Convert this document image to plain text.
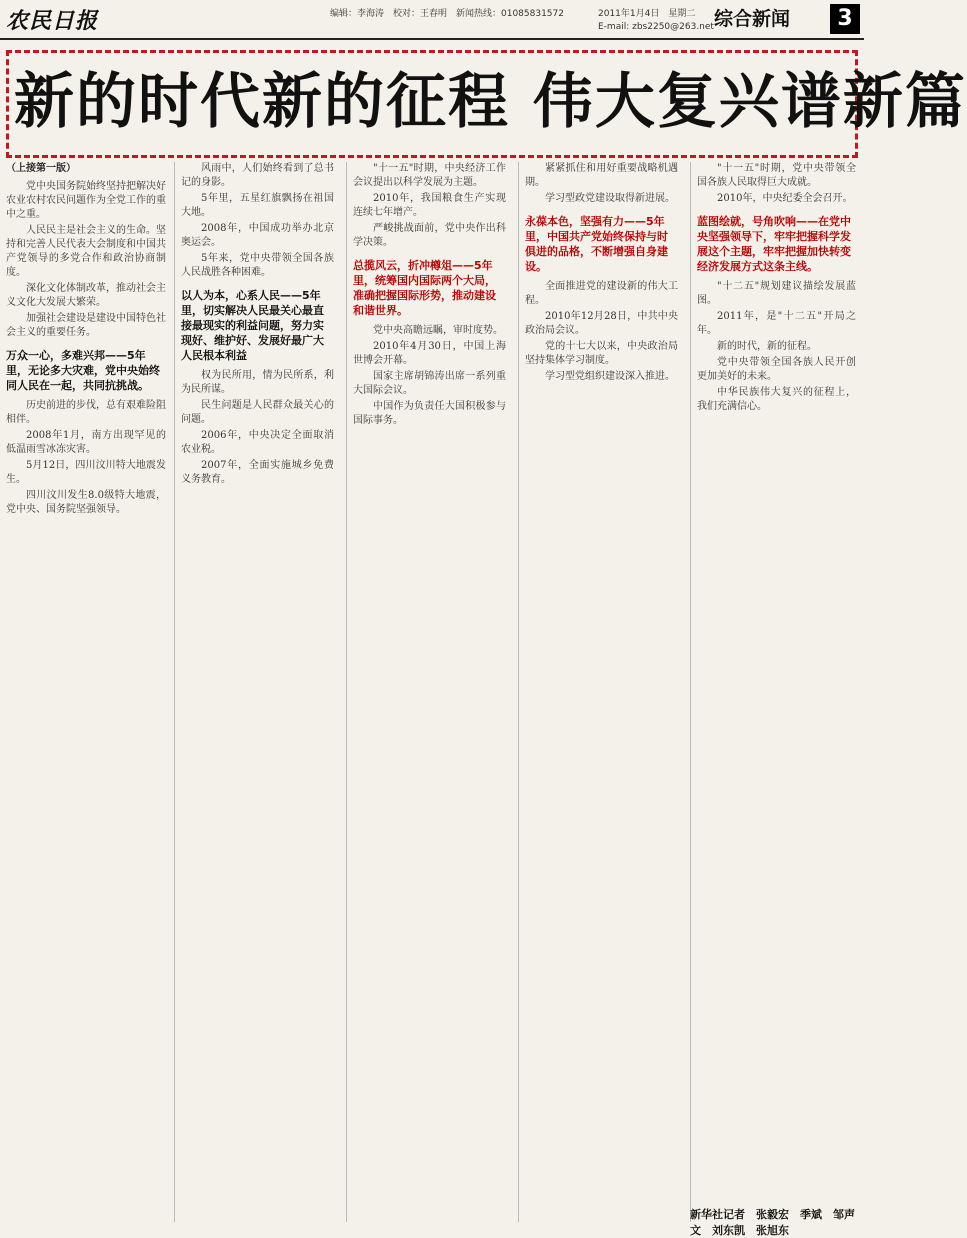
农民日报	编辑：李海涛　校对：王春明　新闻热线：01085831572	2011年1月4日　星期二
E-mail: zbs2250@263.net 综合新闻	3
新的时代新的征程 伟大复兴谱新篇
（上接第一版）

党中央国务院始终坚持把解决好农业农村农民问题作为全党工作的重中之重。

人民民主是社会主义的生命。坚持和完善人民代表大会制度和中国共产党领导的多党合作和政治协商制度。

深化文化体制改革，推动社会主义文化大发展大繁荣。

加强社会建设是建设中国特色社会主义的重要任务。

万众一心，多难兴邦——5年里，无论多大灾难，党中央始终同人民在一起，共同抗挑战。

历史前进的步伐，总有艰难险阻相伴。

2008年1月，南方出现罕见的低温雨雪冰冻灾害。

5月12日，四川汶川特大地震发生。

四川汶川发生8.0级特大地震，党中央、国务院坚强领导。

风雨中，人们始终看到了总书记的身影。

5年里，五星红旗飘扬在祖国大地。

2008年，中国成功举办北京奥运会。

5年来，党中央带领全国各族人民战胜各种困难。

以人为本，心系人民——5年里，切实解决人民最关心最直接最现实的利益问题，努力实现好、维护好、发展好最广大人民根本利益

权为民所用，情为民所系，利为民所谋。

民生问题是人民群众最关心的问题。

2006年，中央决定全面取消农业税。

2007年，全面实施城乡免费义务教育。

"十一五"时期，中央经济工作会议提出以科学发展为主题。

2010年，我国粮食生产实现连续七年增产。

严峻挑战面前，党中央作出科学决策。

总揽风云，折冲樽俎——5年里，统筹国内国际两个大局，准确把握国际形势，推动建设和谐世界。

党中央高瞻远瞩，审时度势。

2010年4月30日，中国上海世博会开幕。

国家主席胡锦涛出席一系列重大国际会议。

中国作为负责任大国积极参与国际事务。

紧紧抓住和用好重要战略机遇期。

学习型政党建设取得新进展。

永葆本色，坚强有力——5年里，中国共产党始终保持与时俱进的品格，不断增强自身建设。

全面推进党的建设新的伟大工程。

2010年12月28日，中共中央政治局会议。

党的十七大以来，中央政治局坚持集体学习制度。

学习型党组织建设深入推进。

"十一五"时期，党中央带领全国各族人民取得巨大成就。

2010年，中央纪委全会召开。

蓝图绘就，号角吹响——在党中央坚强领导下，牢牢把握科学发展这个主题，牢牢把握加快转变经济发展方式这条主线。

"十二五"规划建议描绘发展蓝图。

2011年，是"十二五"开局之年。

新的时代，新的征程。

党中央带领全国各族人民开创更加美好的未来。

中华民族伟大复兴的征程上，我们充满信心。

新华社记者　张毅宏　季斌　邹声文　刘东凯　张旭东
